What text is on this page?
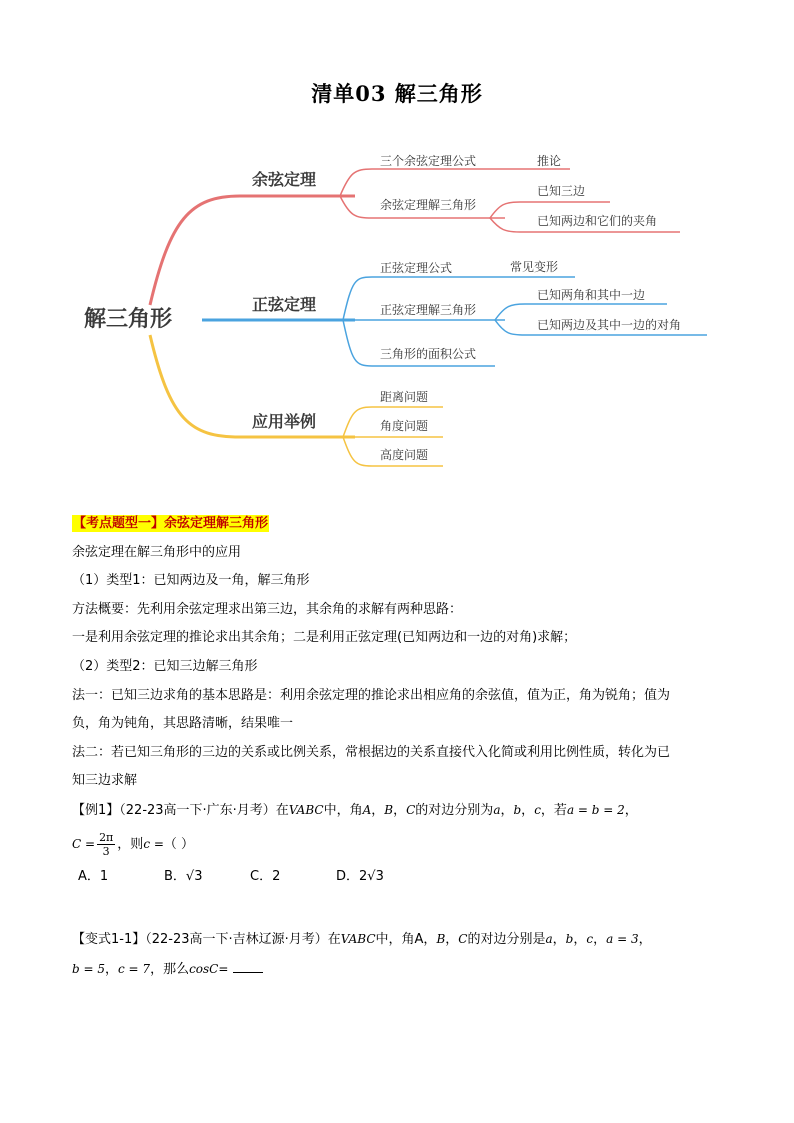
清单03 解三角形
解三角形
余弦定理
三个余弦定理公式	推论
余弦定理解三角形
已知三边
已知两边和它们的夹角
正弦定理
正弦定理公式	常见变形
正弦定理解三角形
已知两角和其中一边
已知两边及其中一边的对角
三角形的面积公式
应用举例
距离问题
角度问题
高度问题
【考点题型一】余弦定理解三角形
余弦定理在解三角形中的应用
（1）类型1：已知两边及一角，解三角形
方法概要：先利用余弦定理求出第三边，其余角的求解有两种思路：
一是利用余弦定理的推论求出其余角；二是利用正弦定理(已知两边和一边的对角)求解；
（2）类型2：已知三边解三角形
法一：已知三边求角的基本思路是：利用余弦定理的推论求出相应角的余弦值，值为正，角为锐角；值为
负，角为钝角，其思路清晰，结果唯一
法二：若已知三角形的三边的关系或比例关系，常根据边的关系直接代入化简或利用比例性质，转化为已
知三边求解
【例1】（22-23高一下·广东·月考）在VABC中，角A，B，C的对边分别为a，b，c，若a = b = 2，
$C = \frac{2\pi}{3}$ ，则c =（ ）
A．1	B．√3	C．2	D．2√3
【变式1-1】（22-23高一下·吉林辽源·月考）在VABC中，角A，B，C的对边分别是a，b，c，a = 3，
b = 5，c = 7，那么cosC=
